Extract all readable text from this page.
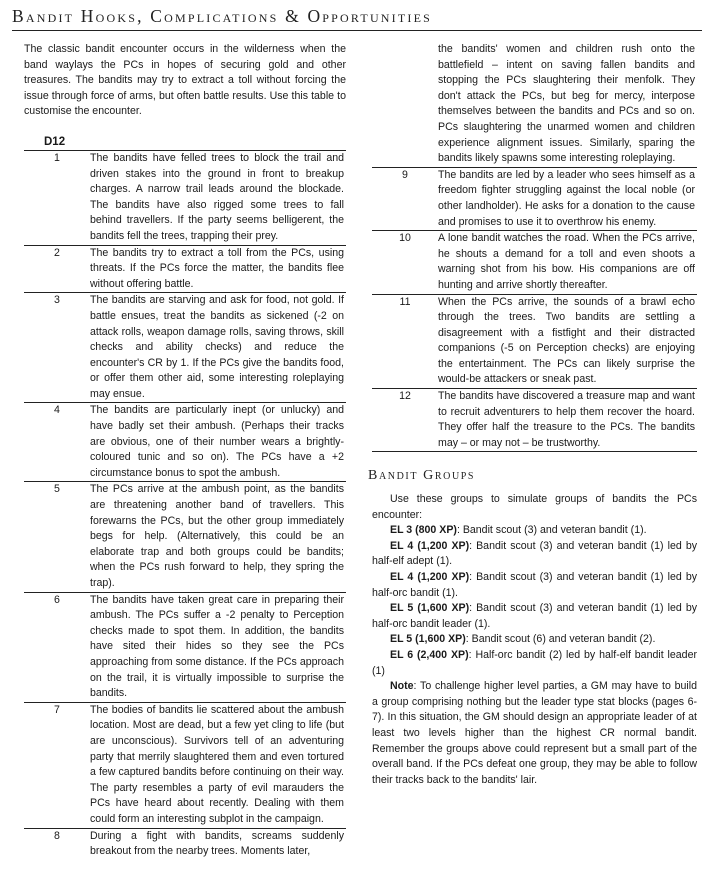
Bandit Hooks, Complications & Opportunities

The classic bandit encounter occurs in the wilderness when the band waylays the PCs in hopes of securing gold and other treasures. The bandits may try to extract a toll without forcing the issue through force of arms, but often battle results. Use this table to customise the encounter.

D12
1	The bandits have felled trees to block the trail and driven stakes into the ground in front to breakup charges. A narrow trail leads around the blockade. The bandits have also rigged some trees to fall behind travellers. If the party seems belligerent, the bandits fell the trees, trapping their prey.
2	The bandits try to extract a toll from the PCs, using threats. If the PCs force the matter, the bandits flee without offering battle.
3	The bandits are starving and ask for food, not gold. If battle ensues, treat the bandits as sickened (-2 on attack rolls, weapon damage rolls, saving throws, skill checks and ability checks) and reduce the encounter's CR by 1. If the PCs give the bandits food, or offer them other aid, some interesting roleplaying may ensue.
4	The bandits are particularly inept (or unlucky) and have badly set their ambush. (Perhaps their tracks are obvious, one of their number wears a brightly-coloured tunic and so on). The PCs have a +2 circumstance bonus to spot the ambush.
5	The PCs arrive at the ambush point, as the bandits are threatening another band of travellers. This forewarns the PCs, but the other group immediately begs for help. (Alternatively, this could be an elaborate trap and both groups could be bandits; when the PCs rush forward to help, they spring the trap).
6	The bandits have taken great care in preparing their ambush. The PCs suffer a -2 penalty to Perception checks made to spot them. In addition, the bandits have sited their hides so they see the PCs approaching from some distance. If the PCs approach on the trail, it is virtually impossible to surprise the bandits.
7	The bodies of bandits lie scattered about the ambush location. Most are dead, but a few yet cling to life (but are unconscious). Survivors tell of an adventuring party that merrily slaughtered them and even tortured a few captured bandits before continuing on their way. The party resembles a party of evil marauders the PCs have heard about recently. Dealing with them could form an interesting subplot in the campaign.
8	During a fight with bandits, screams suddenly breakout from the nearby trees. Moments later,
the bandits' women and children rush onto the battlefield – intent on saving fallen bandits and stopping the PCs slaughtering their menfolk. They don't attack the PCs, but beg for mercy, interpose themselves between the bandits and PCs and so on. PCs slaughtering the unarmed women and children experience alignment issues. Similarly, sparing the bandits likely spawns some interesting roleplaying.
9	The bandits are led by a leader who sees himself as a freedom fighter struggling against the local noble (or other landholder). He asks for a donation to the cause and promises to use it to overthrow his enemy.
10	A lone bandit watches the road. When the PCs arrive, he shouts a demand for a toll and even shoots a warning shot from his bow. His companions are off hunting and arrive shortly thereafter.
11	When the PCs arrive, the sounds of a brawl echo through the trees. Two bandits are settling a disagreement with a fistfight and their distracted companions (-5 on Perception checks) are enjoying the entertainment. The PCs can likely surprise the would-be attackers or sneak past.
12	The bandits have discovered a treasure map and want to recruit adventurers to help them recover the hoard. They offer half the treasure to the PCs. The bandits may – or may not – be trustworthy.
Bandit Groups

Use these groups to simulate groups of bandits the PCs encounter:

EL 3 (800 XP): Bandit scout (3) and veteran bandit (1).

EL 4 (1,200 XP): Bandit scout (3) and veteran bandit (1) led by half-elf adept (1).

EL 4 (1,200 XP): Bandit scout (3) and veteran bandit (1) led by half-orc bandit (1).

EL 5 (1,600 XP): Bandit scout (3) and veteran bandit (1) led by half-orc bandit leader (1).

EL 5 (1,600 XP): Bandit scout (6) and veteran bandit (2).

EL 6 (2,400 XP): Half-orc bandit (2) led by half-elf bandit leader (1)

Note: To challenge higher level parties, a GM may have to build a group comprising nothing but the leader type stat blocks (pages 6-7). In this situation, the GM should design an appropriate leader of at least two levels higher than the highest CR normal bandit. Remember the groups above could represent but a small part of the overall band. If the PCs defeat one group, they may be able to follow their tracks back to the bandits' lair.
